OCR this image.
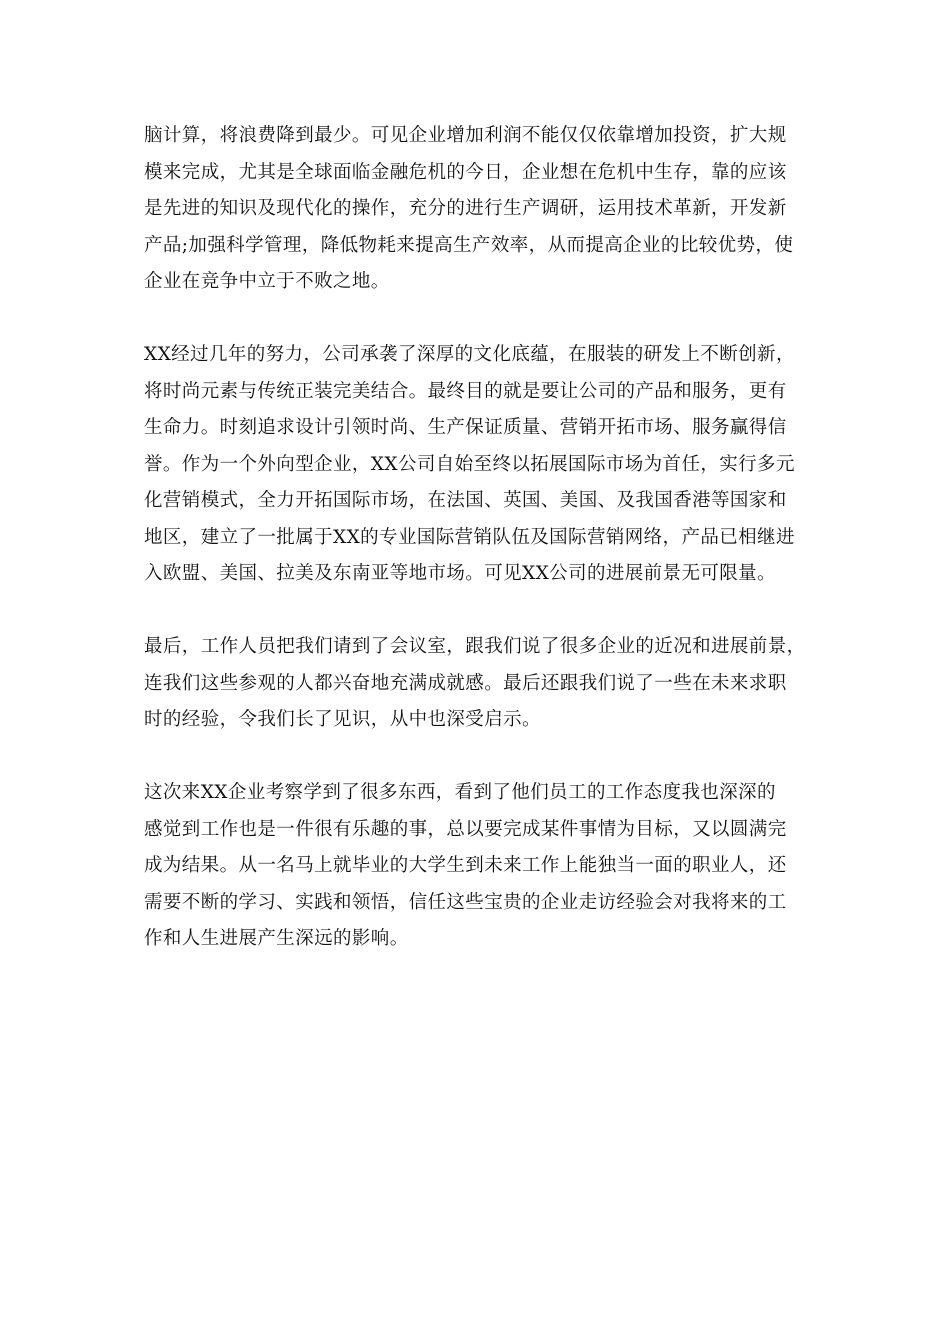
脑计算，将浪费降到最少。可见企业增加利润不能仅仅依靠增加投资，扩大规
模来完成，尤其是全球面临金融危机的今日，企业想在危机中生存，靠的应该
是先进的知识及现代化的操作，充分的进行生产调研，运用技术革新，开发新
产品;加强科学管理，降低物耗来提高生产效率，从而提高企业的比较优势，使
企业在竞争中立于不败之地。
XX经过几年的努力，公司承袭了深厚的文化底蕴，在服装的研发上不断创新，
将时尚元素与传统正装完美结合。最终目的就是要让公司的产品和服务，更有
生命力。时刻追求设计引领时尚、生产保证质量、营销开拓市场、服务赢得信
誉。作为一个外向型企业，XX公司自始至终以拓展国际市场为首任，实行多元
化营销模式，全力开拓国际市场，在法国、英国、美国、及我国香港等国家和
地区，建立了一批属于XX的专业国际营销队伍及国际营销网络，产品已相继进
入欧盟、美国、拉美及东南亚等地市场。可见XX公司的进展前景无可限量。
最后，工作人员把我们请到了会议室，跟我们说了很多企业的近况和进展前景，
连我们这些参观的人都兴奋地充满成就感。最后还跟我们说了一些在未来求职
时的经验，令我们长了见识，从中也深受启示。
这次来XX企业考察学到了很多东西，看到了他们员工的工作态度我也深深的
感觉到工作也是一件很有乐趣的事，总以要完成某件事情为目标，又以圆满完
成为结果。从一名马上就毕业的大学生到未来工作上能独当一面的职业人，还
需要不断的学习、实践和领悟，信任这些宝贵的企业走访经验会对我将来的工
作和人生进展产生深远的影响。
